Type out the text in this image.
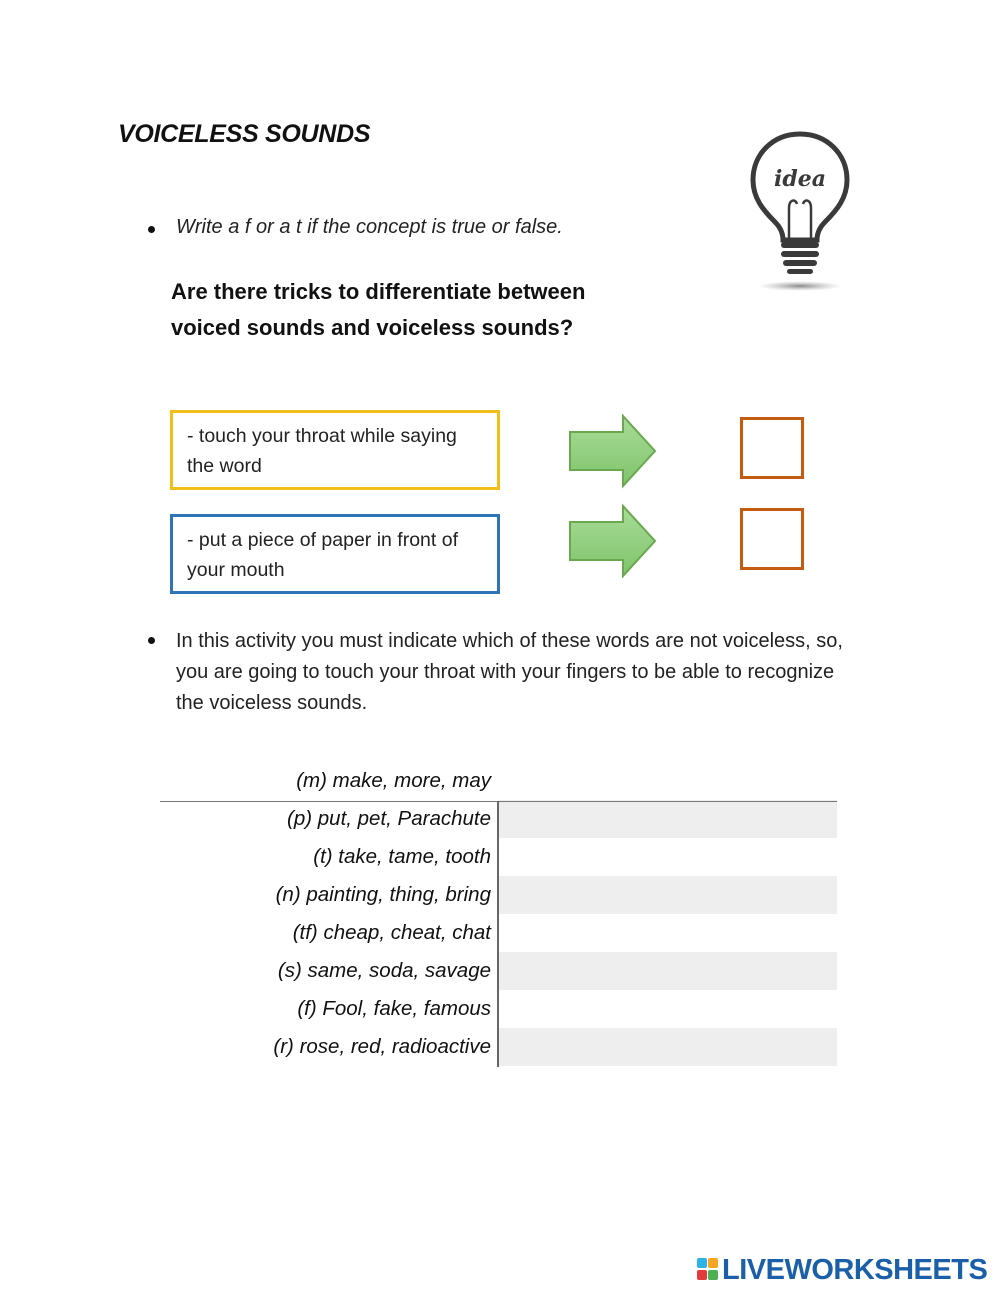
VOICELESS SOUNDS
Write a f or a t if the concept is true or false.
idea
Are there tricks to differentiate between
voiced sounds and voiceless sounds?
- touch your throat while saying
the word
- put a piece of paper in front of
your mouth
In this activity you must indicate which of these words are not voiceless, so,
you are going to touch your throat with your fingers to be able to recognize
the voiceless sounds.
(m) make, more, may
(p) put, pet, Parachute
(t) take, tame, tooth
(n) painting, thing, bring
(tf) cheap, cheat, chat
(s) same, soda, savage
(f) Fool, fake, famous
(r) rose, red, radioactive
LIVEWORKSHEETS
